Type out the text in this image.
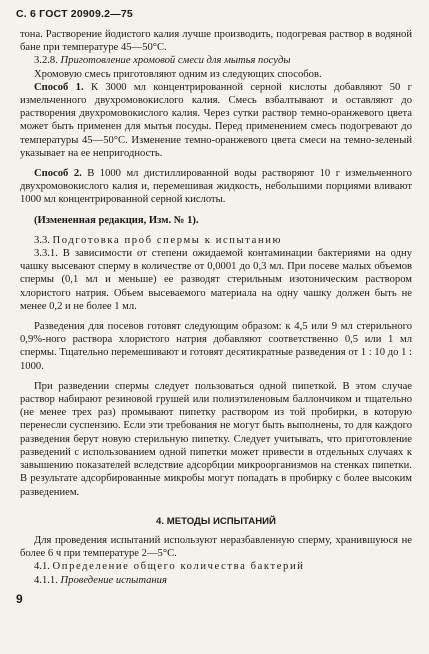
С. 6 ГОСТ 20909.2—75

тона. Растворение йодистого калия лучше производить, подогревая раствор в водяной бане при температуре 45—50°С.

3.2.8. Приготовление хромовой смеси для мытья посуды

Хромовую смесь приготовляют одним из следующих способов.

Способ 1. К 3000 мл концентрированной серной кислоты добавляют 50 г измельченного двухромовокислого калия. Смесь взбалтывают и оставляют до растворения двухромовокислого калия. Через сутки раствор темно-оранжевого цвета может быть применен для мытья посуды. Перед применением смесь подогревают до температуры 45—50°С. Изменение темно-оранжевого цвета смеси на темно-зеленый указывает на ее непригодность.

Способ 2. В 1000 мл дистиллированной воды растворяют 10 г измельченного двухромовокислого калия и, перемешивая жидкость, небольшими порциями вливают 1000 мл концентрированной серной кислоты.

(Измененная редакция, Изм. № 1).

3.3. Подготовка проб спермы к испытанию

3.3.1. В зависимости от степени ожидаемой контаминации бактериями на одну чашку высевают сперму в количестве от 0,0001 до 0,3 мл. При посеве малых объемов спермы (0,1 мл и меньше) ее разводят стерильным изотоническим раствором хлористого натрия. Объем высеваемого материала на одну чашку должен быть не менее 0,2 и не более 1 мл.

Разведения для посевов готовят следующим образом: к 4,5 или 9 мл стерильного 0,9%-ного раствора хлористого натрия добавляют соответственно 0,5 или 1 мл спермы. Тщательно перемешивают и готовят десятикратные разведения от 1 : 10 до 1 : 1000.

При разведении спермы следует пользоваться одной пипеткой. В этом случае раствор набирают резиновой грушей или полиэтиленовым баллончиком и тщательно (не менее трех раз) промывают пипетку раствором из той пробирки, в которую перенесли суспензию. Если эти требования не могут быть выполнены, то для каждого разведения берут новую стерильную пипетку. Следует учитывать, что приготовление разведений с использованием одной пипетки может привести в отдельных случаях к завышению показателей вследствие адсорбции микроорганизмов на стенках пипетки. В результате адсорбированные микробы могут попадать в пробирку с более высоким разведением.

4. МЕТОДЫ ИСПЫТАНИЙ

Для проведения испытаний используют неразбавленную сперму, хранившуюся не более 6 ч при температуре 2—5°С.

4.1. Определение общего количества бактерий

4.1.1. Проведение испытания

9
